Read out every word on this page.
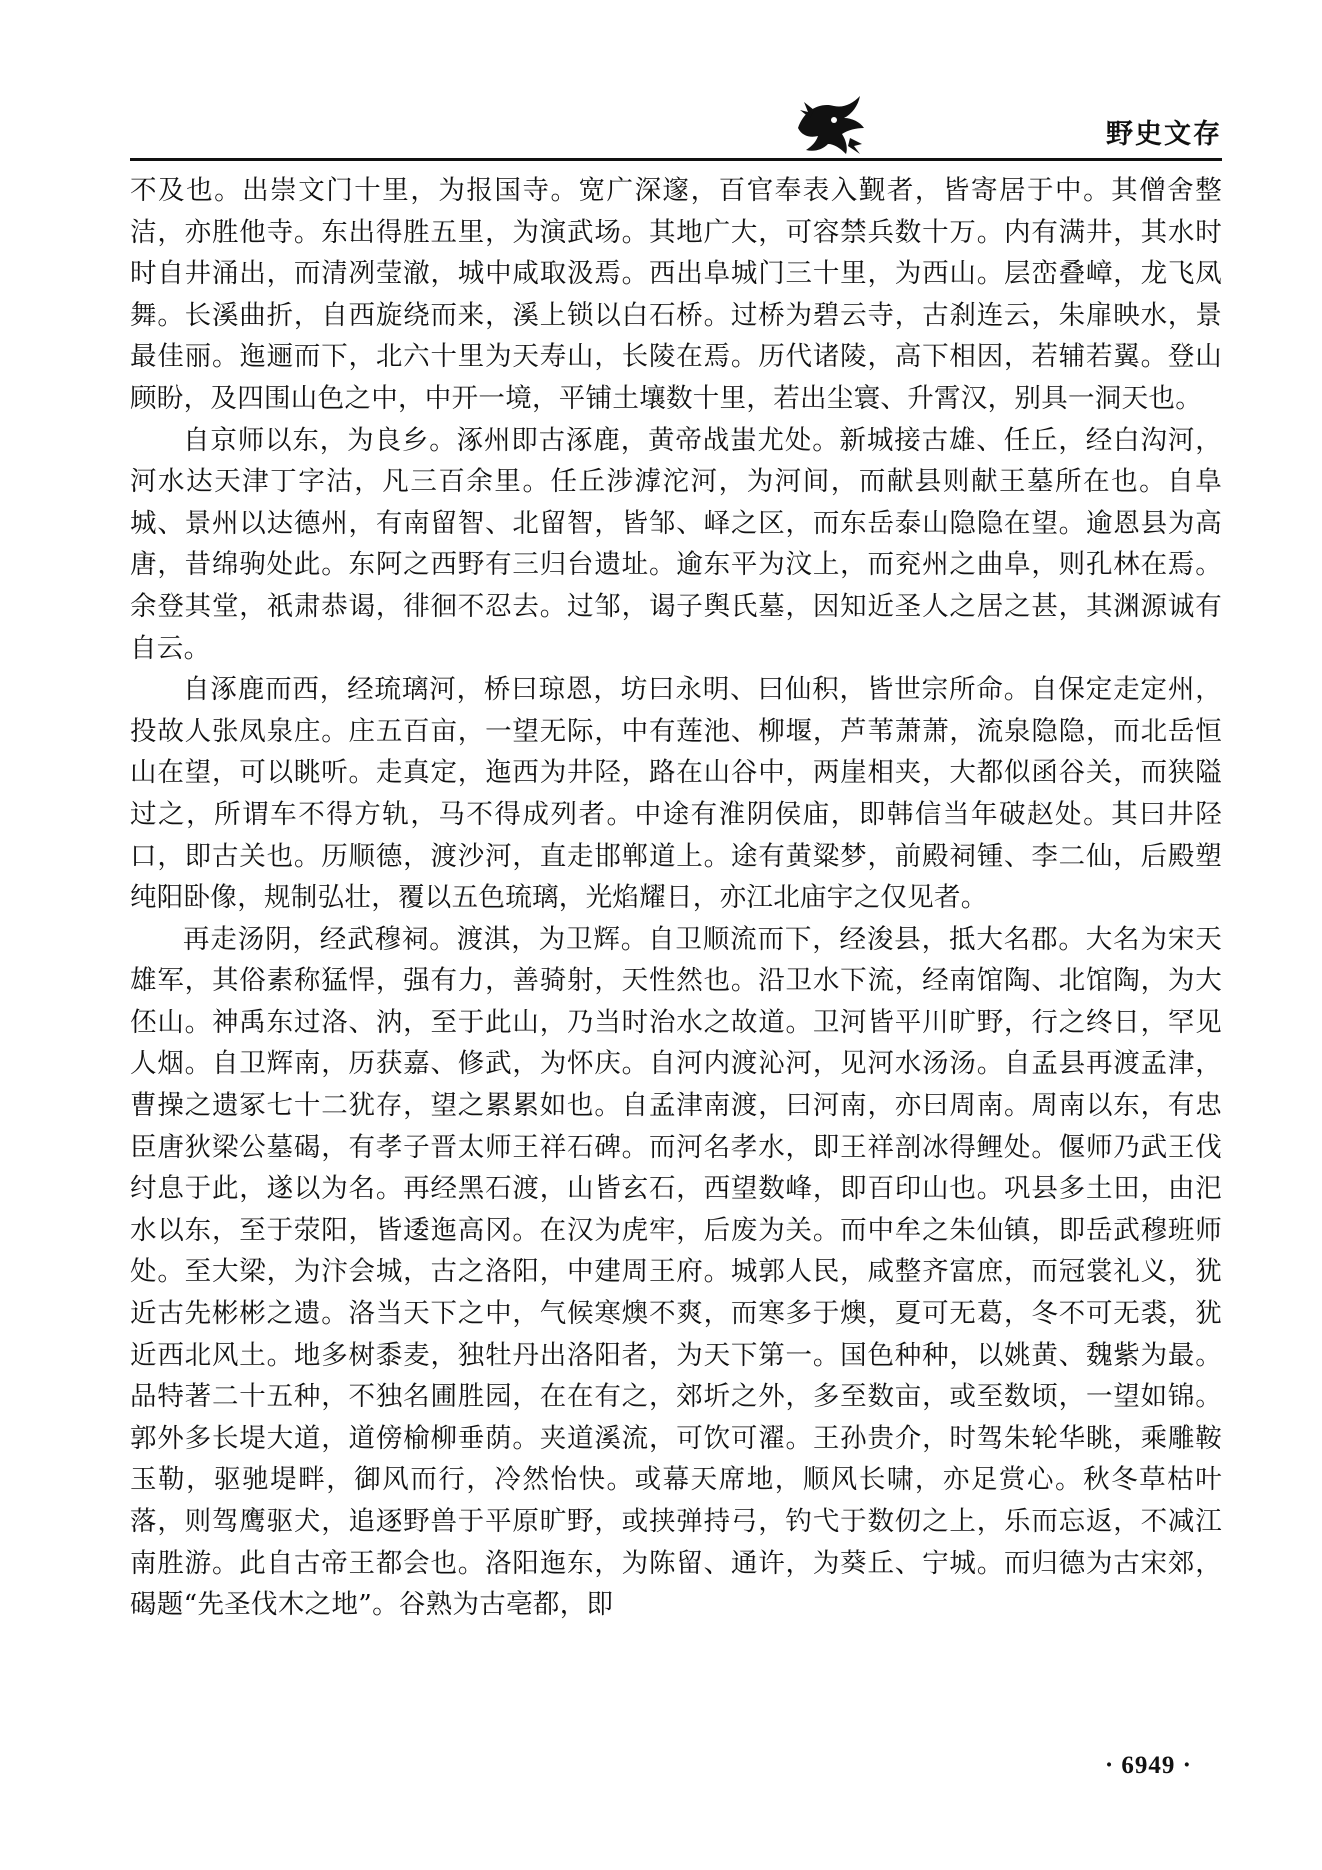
野史文存

不及也。出崇文门十里，为报国寺。宽广深邃，百官奉表入觐者，皆寄居于中。其僧舍整洁，亦胜他寺。东出得胜五里，为演武场。其地广大，可容禁兵数十万。内有满井，其水时时自井涌出，而清冽莹澈，城中咸取汲焉。西出阜城门三十里，为西山。层峦叠嶂，龙飞凤舞。长溪曲折，自西旋绕而来，溪上锁以白石桥。过桥为碧云寺，古刹连云，朱扉映水，景最佳丽。迤逦而下，北六十里为天寿山，长陵在焉。历代诸陵，高下相因，若辅若翼。登山顾盼，及四围山色之中，中开一境，平铺土壤数十里，若出尘寰、升霄汉，别具一洞天也。

自京师以东，为良乡。涿州即古涿鹿，黄帝战蚩尤处。新城接古雄、任丘，经白沟河，河水达天津丁字沽，凡三百余里。任丘涉滹沱河，为河间，而献县则献王墓所在也。自阜城、景州以达德州，有南留智、北留智，皆邹、峄之区，而东岳泰山隐隐在望。逾恩县为高唐，昔绵驹处此。东阿之西野有三归台遗址。逾东平为汶上，而兖州之曲阜，则孔林在焉。余登其堂，祇肃恭谒，徘徊不忍去。过邹，谒子舆氏墓，因知近圣人之居之甚，其渊源诚有自云。

自涿鹿而西，经琉璃河，桥曰琼恩，坊曰永明、曰仙积，皆世宗所命。自保定走定州，投故人张凤泉庄。庄五百亩，一望无际，中有莲池、柳堰，芦苇萧萧，流泉隐隐，而北岳恒山在望，可以眺听。走真定，迤西为井陉，路在山谷中，两崖相夹，大都似函谷关，而狭隘过之，所谓车不得方轨，马不得成列者。中途有淮阴侯庙，即韩信当年破赵处。其曰井陉口，即古关也。历顺德，渡沙河，直走邯郸道上。途有黄粱梦，前殿祠锺、李二仙，后殿塑纯阳卧像，规制弘壮，覆以五色琉璃，光焰耀日，亦江北庙宇之仅见者。

再走汤阴，经武穆祠。渡淇，为卫辉。自卫顺流而下，经浚县，抵大名郡。大名为宋天雄军，其俗素称猛悍，强有力，善骑射，天性然也。沿卫水下流，经南馆陶、北馆陶，为大伾山。神禹东过洛、汭，至于此山，乃当时治水之故道。卫河皆平川旷野，行之终日，罕见人烟。自卫辉南，历获嘉、修武，为怀庆。自河内渡沁河，见河水汤汤。自孟县再渡孟津，曹操之遗冢七十二犹存，望之累累如也。自孟津南渡，曰河南，亦曰周南。周南以东，有忠臣唐狄梁公墓碣，有孝子晋太师王祥石碑。而河名孝水，即王祥剖冰得鲤处。偃师乃武王伐纣息于此，遂以为名。再经黑石渡，山皆玄石，西望数峰，即百印山也。巩县多土田，由汜水以东，至于荥阳，皆逶迤高冈。在汉为虎牢，后废为关。而中牟之朱仙镇，即岳武穆班师处。至大梁，为汴会城，古之洛阳，中建周王府。城郭人民，咸整齐富庶，而冠裳礼义，犹近古先彬彬之遗。洛当天下之中，气候寒燠不爽，而寒多于燠，夏可无葛，冬不可无裘，犹近西北风土。地多树黍麦，独牡丹出洛阳者，为天下第一。国色种种，以姚黄、魏紫为最。品特著二十五种，不独名圃胜园，在在有之，郊圻之外，多至数亩，或至数顷，一望如锦。郭外多长堤大道，道傍榆柳垂荫。夹道溪流，可饮可濯。王孙贵介，时驾朱轮华眺，乘雕鞍玉勒，驱驰堤畔，御风而行，冷然怡快。或幕天席地，顺风长啸，亦足赏心。秋冬草枯叶落，则驾鹰驱犬，追逐野兽于平原旷野，或挟弹持弓，钓弋于数仞之上，乐而忘返，不减江南胜游。此自古帝王都会也。洛阳迤东，为陈留、通许，为葵丘、宁城。而归德为古宋郊，碣题“先圣伐木之地”。谷熟为古亳都，即

· 6949 ·
